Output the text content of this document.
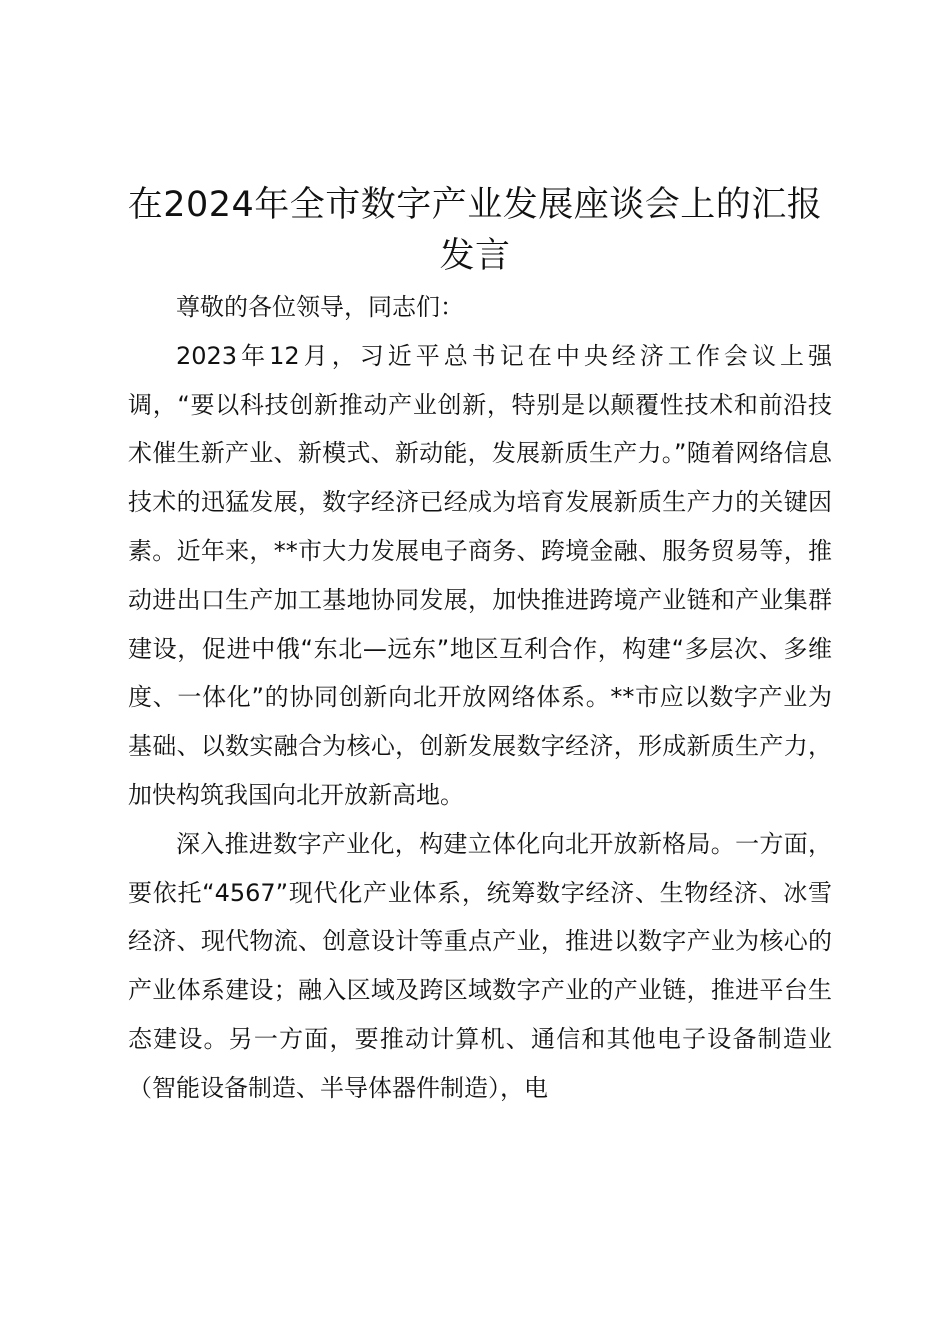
在2024年全市数字产业发展座谈会上的汇报发言

尊敬的各位领导，同志们：

2023年12月，习近平总书记在中央经济工作会议上强调，“要以科技创新推动产业创新，特别是以颠覆性技术和前沿技术催生新产业、新模式、新动能，发展新质生产力。”随着网络信息技术的迅猛发展，数字经济已经成为培育发展新质生产力的关键因素。近年来，**市大力发展电子商务、跨境金融、服务贸易等，推动进出口生产加工基地协同发展，加快推进跨境产业链和产业集群建设，促进中俄“东北—远东”地区互利合作，构建“多层次、多维度、一体化”的协同创新向北开放网络体系。**市应以数字产业为基础、以数实融合为核心，创新发展数字经济，形成新质生产力，加快构筑我国向北开放新高地。

深入推进数字产业化，构建立体化向北开放新格局。一方面，要依托“4567”现代化产业体系，统筹数字经济、生物经济、冰雪经济、现代物流、创意设计等重点产业，推进以数字产业为核心的产业体系建设；融入区域及跨区域数字产业的产业链，推进平台生态建设。另一方面，要推动计算机、通信和其他电子设备制造业（智能设备制造、半导体器件制造），电
